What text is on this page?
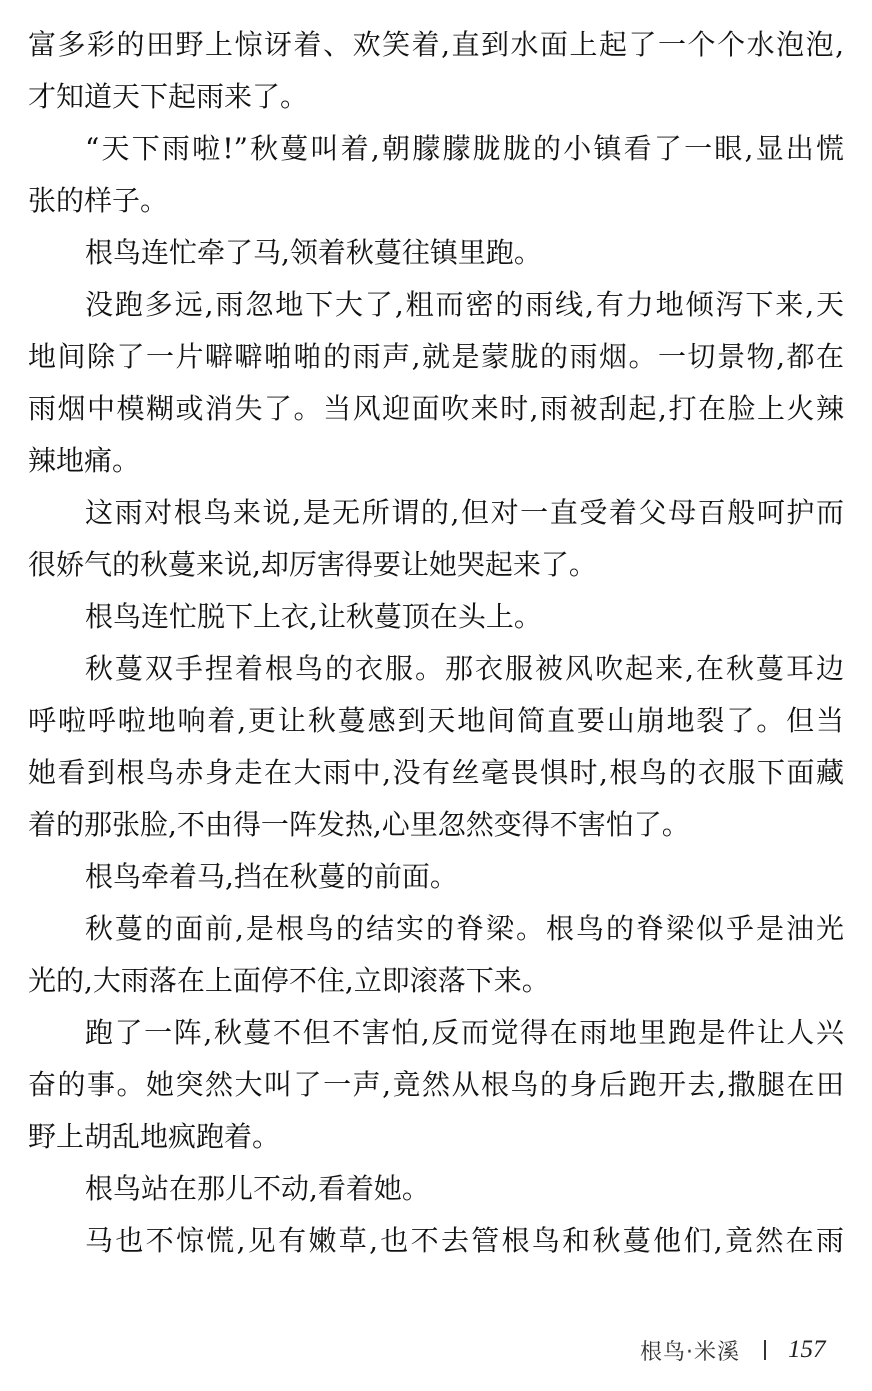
富多彩的田野上惊讶着、欢笑着,直到水面上起了一个个水泡泡,
才知道天下起雨来了。
“天下雨啦!”秋蔓叫着,朝朦朦胧胧的小镇看了一眼,显出慌
张的样子。
根鸟连忙牵了马,领着秋蔓往镇里跑。
没跑多远,雨忽地下大了,粗而密的雨线,有力地倾泻下来,天
地间除了一片噼噼啪啪的雨声,就是蒙胧的雨烟。一切景物,都在
雨烟中模糊或消失了。当风迎面吹来时,雨被刮起,打在脸上火辣
辣地痛。
这雨对根鸟来说,是无所谓的,但对一直受着父母百般呵护而
很娇气的秋蔓来说,却厉害得要让她哭起来了。
根鸟连忙脱下上衣,让秋蔓顶在头上。
秋蔓双手捏着根鸟的衣服。那衣服被风吹起来,在秋蔓耳边
呼啦呼啦地响着,更让秋蔓感到天地间简直要山崩地裂了。但当
她看到根鸟赤身走在大雨中,没有丝毫畏惧时,根鸟的衣服下面藏
着的那张脸,不由得一阵发热,心里忽然变得不害怕了。
根鸟牵着马,挡在秋蔓的前面。
秋蔓的面前,是根鸟的结实的脊梁。根鸟的脊梁似乎是油光
光的,大雨落在上面停不住,立即滚落下来。
跑了一阵,秋蔓不但不害怕,反而觉得在雨地里跑是件让人兴
奋的事。她突然大叫了一声,竟然从根鸟的身后跑开去,撒腿在田
野上胡乱地疯跑着。
根鸟站在那儿不动,看着她。
马也不惊慌,见有嫩草,也不去管根鸟和秋蔓他们,竟然在雨
根鸟·米溪 157
